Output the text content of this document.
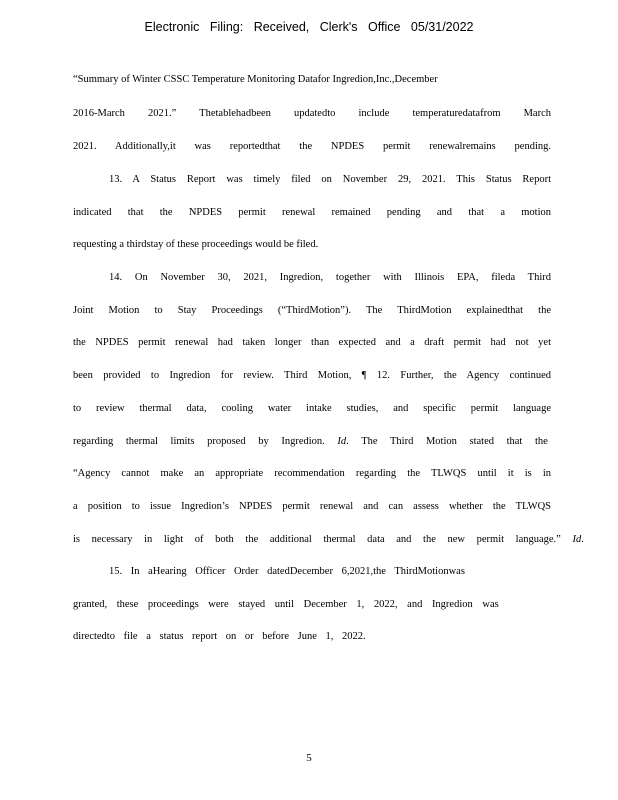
Electronic Filing: Received, Clerk's Office 05/31/2022
“Summary of Winter CSSC Temperature Monitoring Datafor Ingredion,Inc.,December
2016-March 2021.” Thetablehadbeen updatedto include temperaturedatafrom March
2021. Additionally,it was reportedthat the NPDES permit renewalremains pending.
13. A Status Report was timely filed on November 29, 2021. This Status Report
indicated that the NPDES permit renewal remained pending and that a motion
requesting a thirdstay of these proceedings would be filed.
14. On November 30, 2021, Ingredion, together with Illinois EPA, fileda Third
Joint Motion to Stay Proceedings (“ThirdMotion”). The ThirdMotion explainedthat the
the NPDES permit renewal had taken longer than expected and a draft permit had not yet
been provided to Ingredion for review. Third Motion, ¶ 12. Further, the Agency continued
to review thermal data, cooling water intake studies, and specific permit language
regarding thermal limits proposed by Ingredion. Id. The Third Motion stated that the
“Agency cannot make an appropriate recommendation regarding the TLWQS until it is in
a position to issue Ingredion’s NPDES permit renewal and can assess whether the TLWQS
is necessary in light of both the additional thermal data and the new permit language.” Id.
15. In aHearing Officer Order datedDecember 6,2021,the ThirdMotionwas
granted, these proceedings were stayed until December 1, 2022, and Ingredion was
directedto file a status report on or before June 1, 2022.
5
